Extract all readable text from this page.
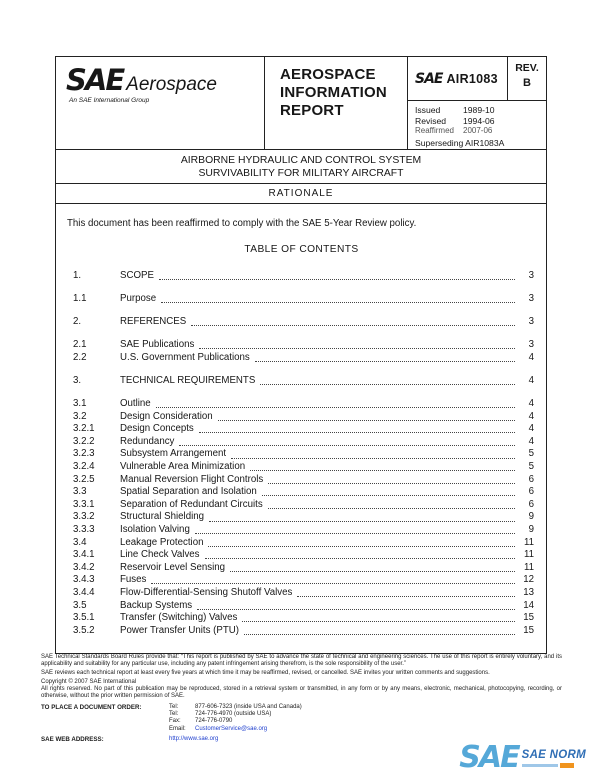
SAE Aerospace
An SAE International Group
AEROSPACE
INFORMATION
REPORT
SAE AIR1083
REV.
B
Issued	1989-10
Revised	1994-06
Reaffirmed	2007-06
Superseding AIR1083A
AIRBORNE HYDRAULIC AND CONTROL SYSTEM
SURVIVABILITY FOR MILITARY AIRCRAFT
RATIONALE
This document has been reaffirmed to comply with the SAE 5-Year Review policy.
TABLE OF CONTENTS
1.	SCOPE	3
1.1	Purpose	3
2.	REFERENCES	3
2.1	SAE Publications	3
2.2	U.S. Government Publications	4
3.	TECHNICAL REQUIREMENTS	4
3.1	Outline	4
3.2	Design Consideration	4
3.2.1	Design Concepts	4
3.2.2	Redundancy	4
3.2.3	Subsystem Arrangement	5
3.2.4	Vulnerable Area Minimization	5
3.2.5	Manual Reversion Flight Controls	6
3.3	Spatial Separation and Isolation	6
3.3.1	Separation of Redundant Circuits	6
3.3.2	Structural Shielding	9
3.3.3	Isolation Valving	9
3.4	Leakage Protection	11
3.4.1	Line Check Valves	11
3.4.2	Reservoir Level Sensing	11
3.4.3	Fuses	12
3.4.4	Flow-Differential-Sensing Shutoff Valves	13
3.5	Backup Systems	14
3.5.1	Transfer (Switching) Valves	15
3.5.2	Power Transfer Units (PTU)	15

SAE Technical Standards Board Rules provide that: “This report is published by SAE to advance the state of technical and engineering sciences. The use of this report is entirely voluntary, and its applicability and suitability for any particular use, including any patent infringement arising therefrom, is the sole responsibility of the user.”

SAE reviews each technical report at least every five years at which time it may be reaffirmed, revised, or cancelled. SAE invites your written comments and suggestions.

Copyright © 2007 SAE International

All rights reserved. No part of this publication may be reproduced, stored in a retrieval system or transmitted, in any form or by any means, electronic, mechanical, photocopying, recording, or otherwise, without the prior written permission of SAE.

TO PLACE A DOCUMENT ORDER:	Tel:	877-606-7323 (inside USA and Canada)
Tel:	724-776-4970 (outside USA)
Fax:	724-776-0790
Email:	CustomerService@sae.org
SAE WEB ADDRESS:	http://www.sae.org
SAE SAE NORM
